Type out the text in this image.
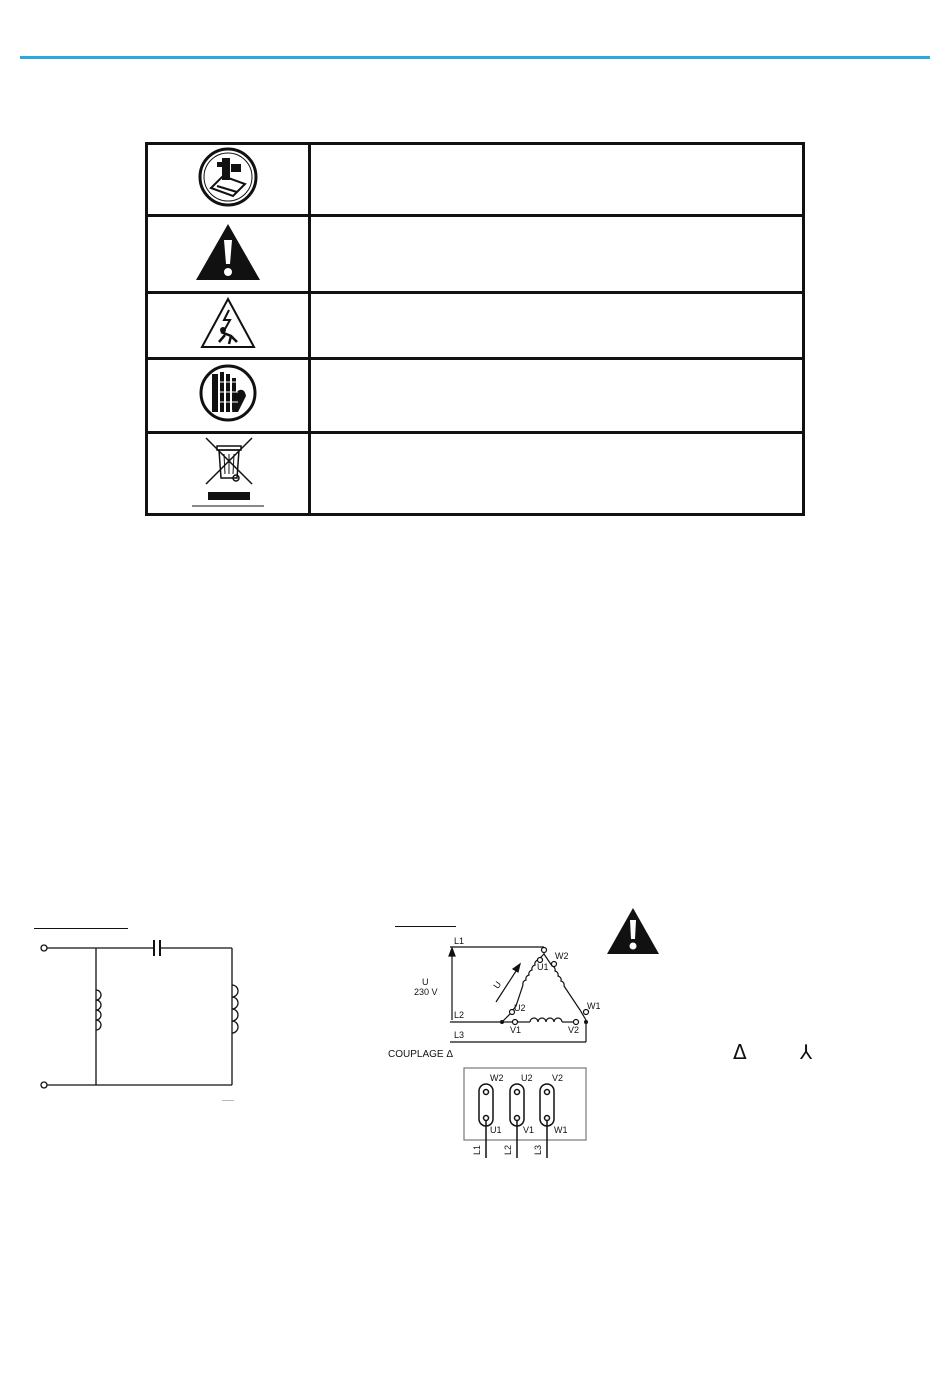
L1
L2
L3
U
230 V
U
W2
U1
W1
U2
V1	V2
COUPLAGE Δ
W2 U2 V2
U1 V1 W1
L1 L2 L3
Δ	⅄
